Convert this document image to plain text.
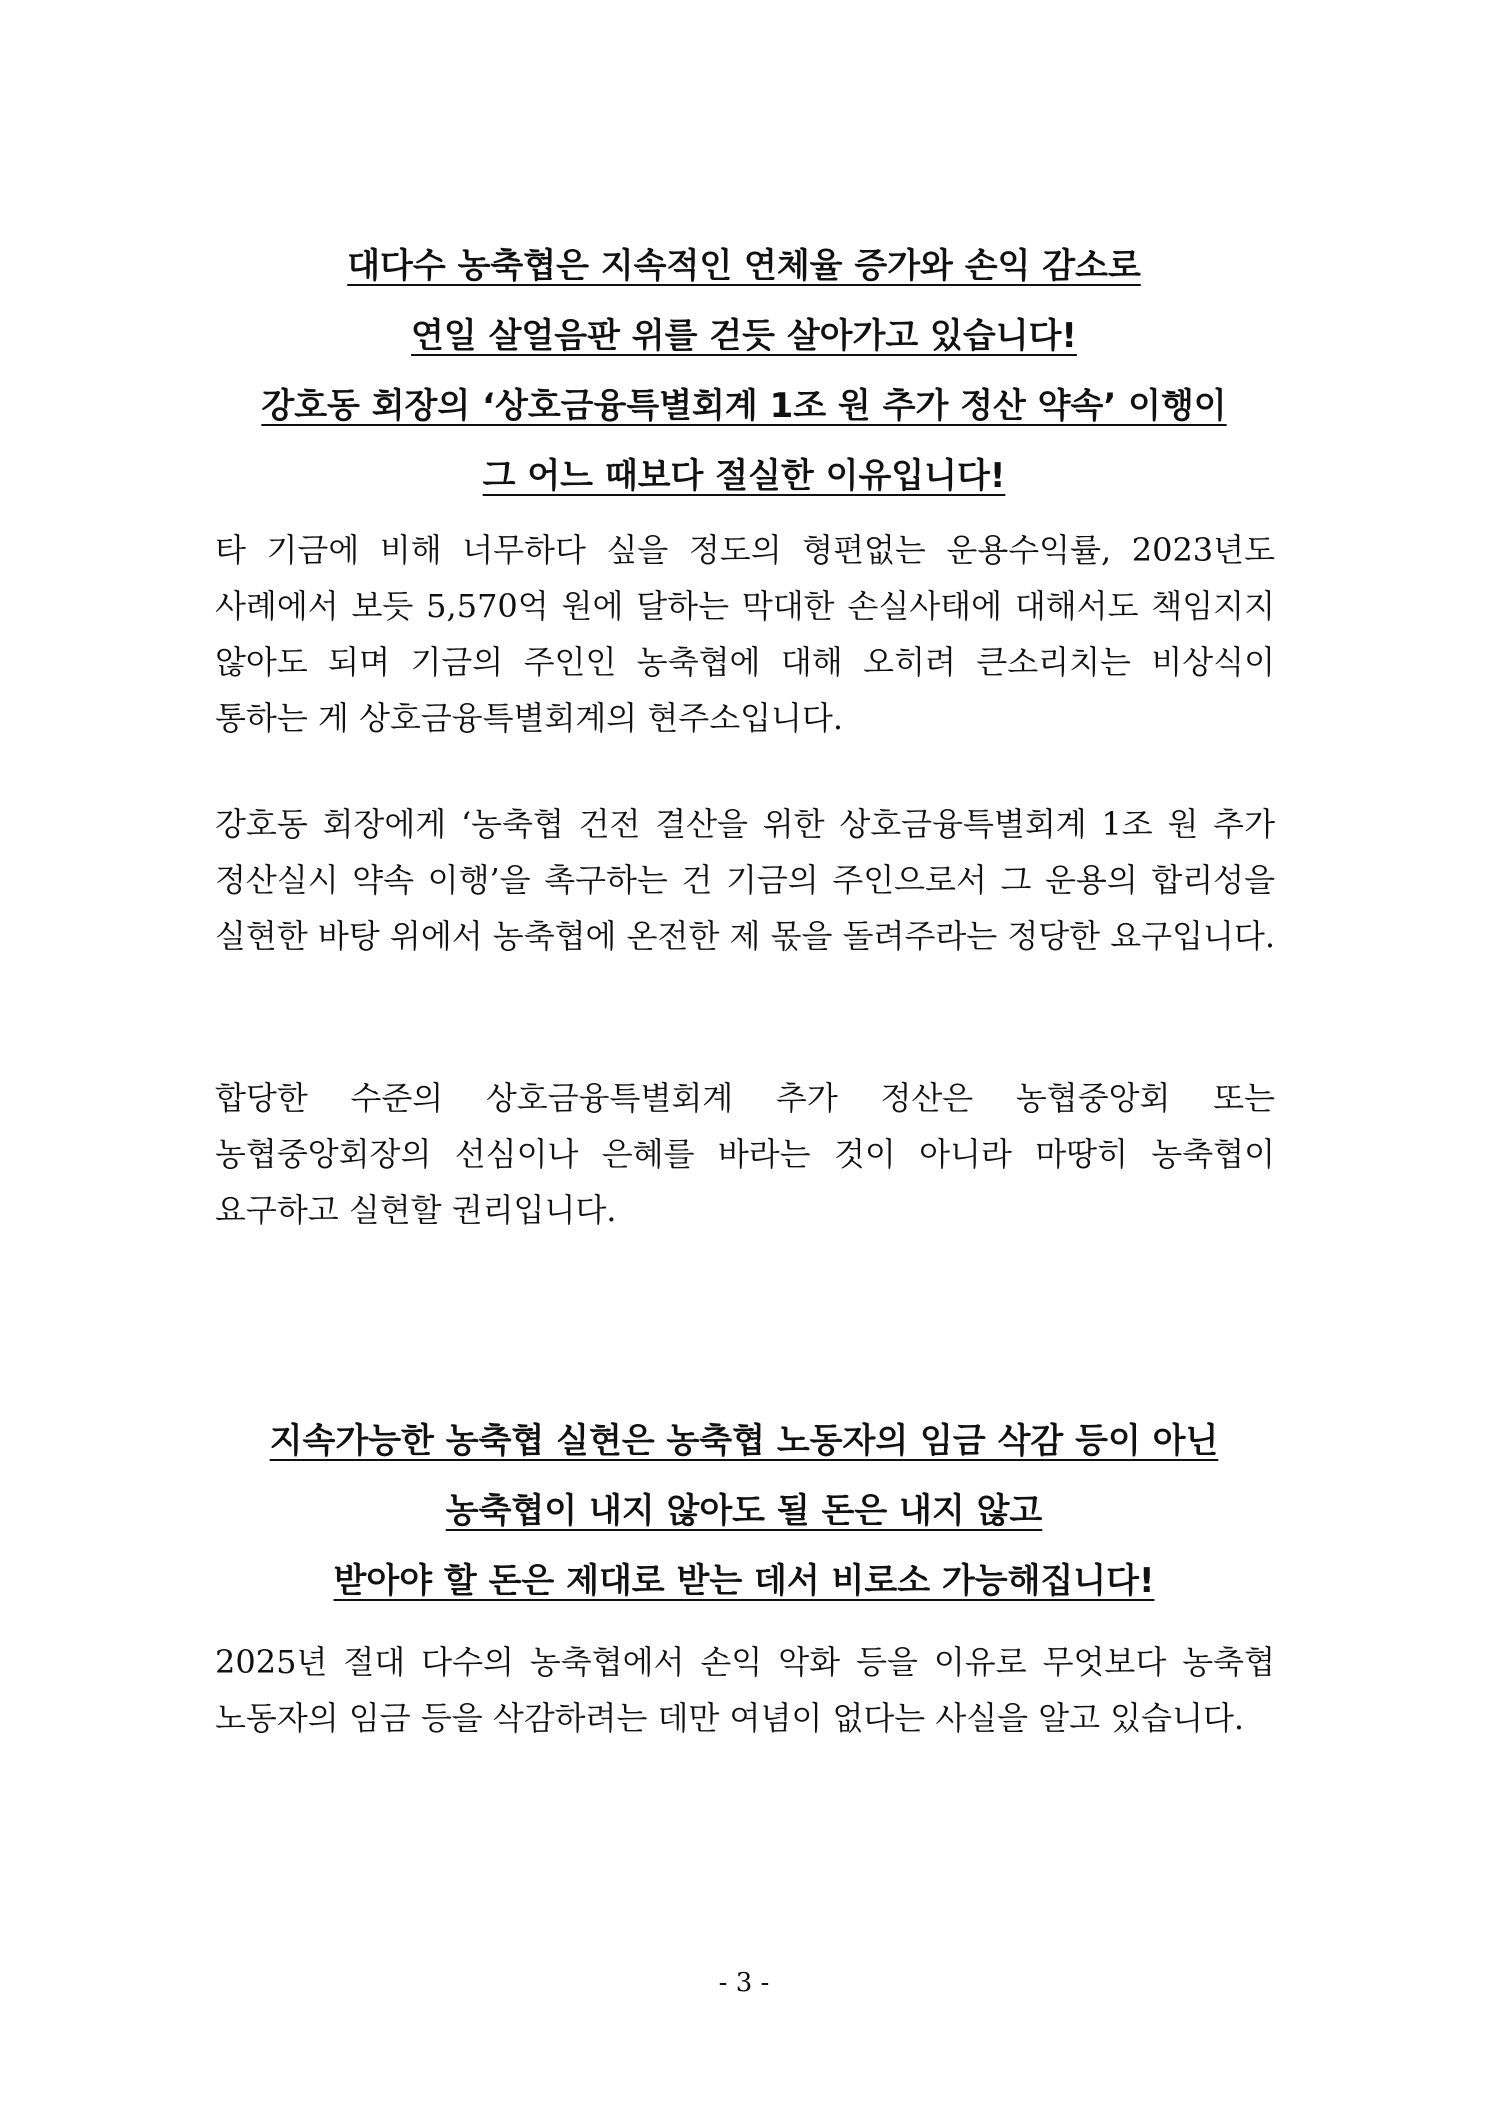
대다수 농축협은 지속적인 연체율 증가와 손익 감소로
연일 살얼음판 위를 걷듯 살아가고 있습니다!
강호동 회장의 ‘상호금융특별회계 1조 원 추가 정산 약속’ 이행이
그 어느 때보다 절실한 이유입니다!

타 기금에 비해 너무하다 싶을 정도의 형편없는 운용수익률, 2023년도 사례에서 보듯 5,570억 원에 달하는 막대한 손실사태에 대해서도 책임지지 않아도 되며 기금의 주인인 농축협에 대해 오히려 큰소리치는 비상식이 통하는 게 상호금융특별회계의 현주소입니다.

강호동 회장에게 ‘농축협 건전 결산을 위한 상호금융특별회계 1조 원 추가 정산실시 약속 이행’을 촉구하는 건 기금의 주인으로서 그 운용의 합리성을 실현한 바탕 위에서 농축협에 온전한 제 몫을 돌려주라는 정당한 요구입니다.

합당한 수준의 상호금융특별회계 추가 정산은 농협중앙회 또는 농협중앙회장의 선심이나 은혜를 바라는 것이 아니라 마땅히 농축협이 요구하고 실현할 권리입니다.

지속가능한 농축협 실현은 농축협 노동자의 임금 삭감 등이 아닌
농축협이 내지 않아도 될 돈은 내지 않고
받아야 할 돈은 제대로 받는 데서 비로소 가능해집니다!

2025년 절대 다수의 농축협에서 손익 악화 등을 이유로 무엇보다 농축협 노동자의 임금 등을 삭감하려는 데만 여념이 없다는 사실을 알고 있습니다.

- 3 -
